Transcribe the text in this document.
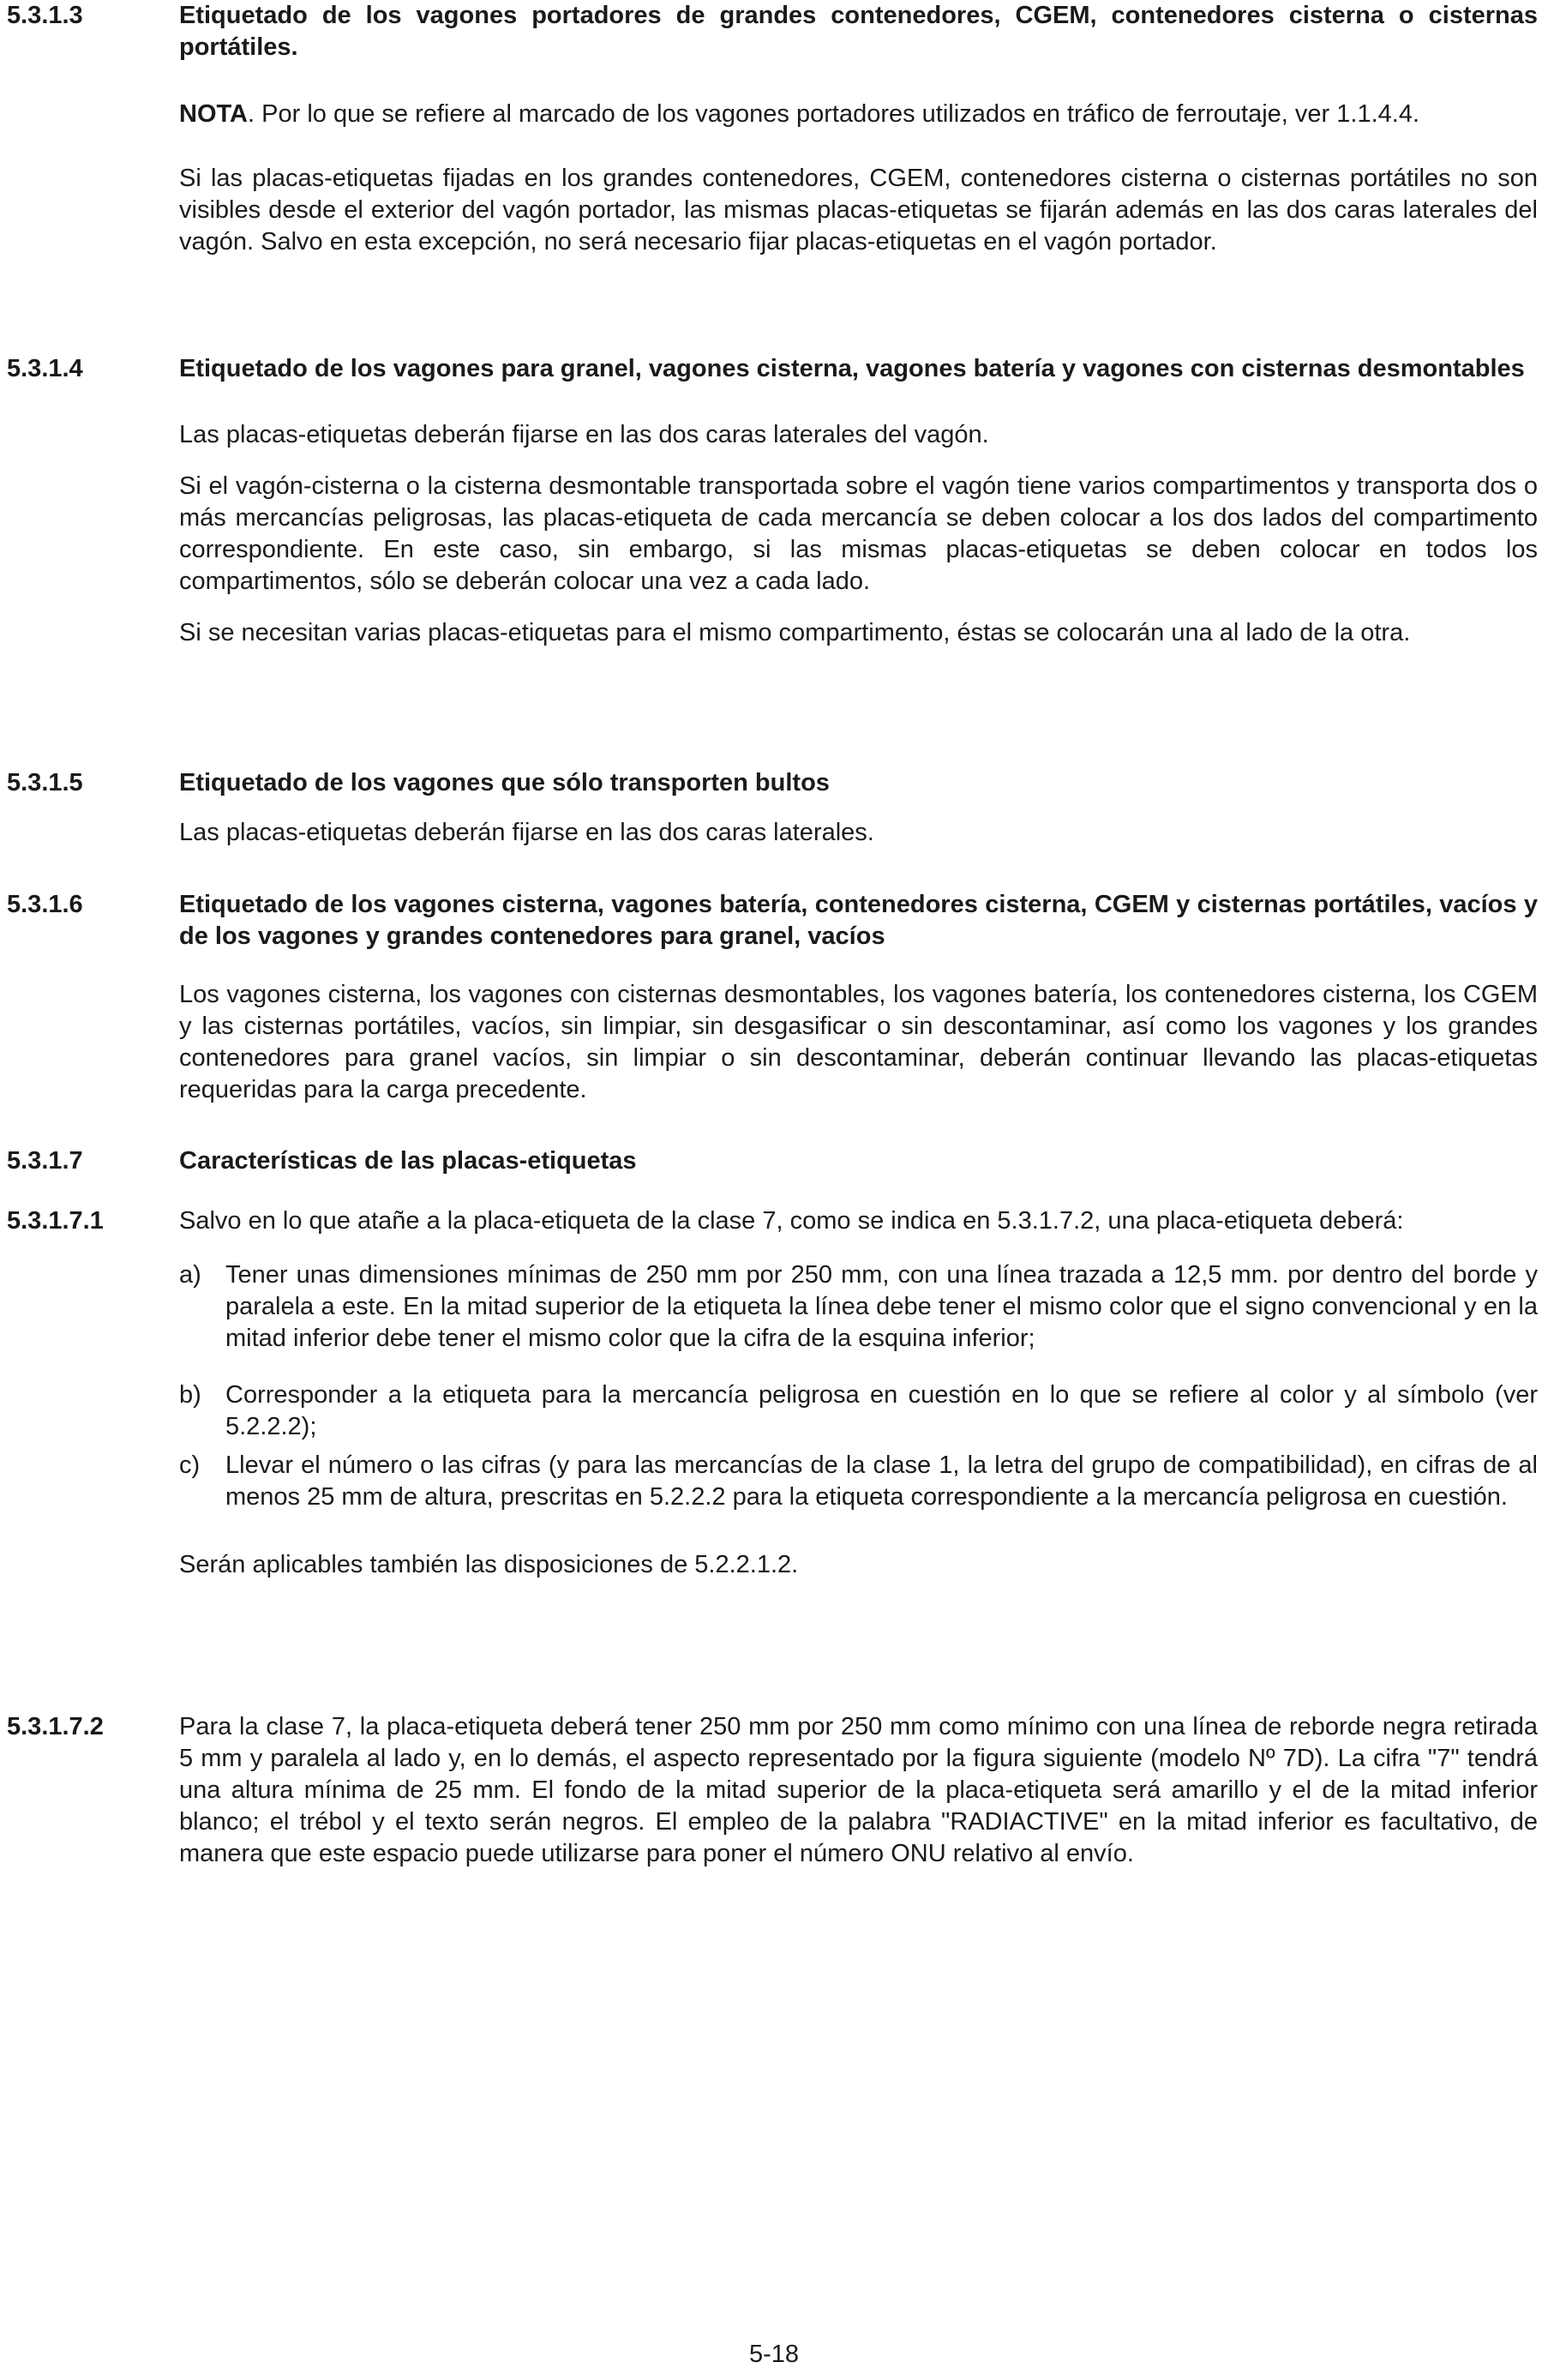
5.3.1.3	Etiquetado de los vagones portadores de grandes contenedores, CGEM, contenedores cisterna o cisternas portátiles.

NOTA. Por lo que se refiere al marcado de los vagones portadores utilizados en tráfico de ferroutaje, ver 1.1.4.4.

Si las placas-etiquetas fijadas en los grandes contenedores, CGEM, contenedores cisterna o cisternas portátiles no son visibles desde el exterior del vagón portador, las mismas placas-etiquetas se fijarán además en las dos caras laterales del vagón. Salvo en esta excepción, no será necesario fijar placas-etiquetas en el vagón portador.

5.3.1.4	Etiquetado de los vagones para granel, vagones cisterna, vagones batería y vagones con cisternas desmontables

Las placas-etiquetas deberán fijarse en las dos caras laterales del vagón.

Si el vagón-cisterna o la cisterna desmontable transportada sobre el vagón tiene varios compartimentos y transporta dos o más mercancías peligrosas, las placas-etiqueta de cada mercancía se deben colocar a los dos lados del compartimento correspondiente. En este caso, sin embargo, si las mismas placas-etiquetas se deben colocar en todos los compartimentos, sólo se deberán colocar una vez a cada lado.

Si se necesitan varias placas-etiquetas para el mismo compartimento, éstas se colocarán una al lado de la otra.

5.3.1.5	Etiquetado de los vagones que sólo transporten bultos

Las placas-etiquetas deberán fijarse en las dos caras laterales.

5.3.1.6	Etiquetado de los vagones cisterna, vagones batería, contenedores cisterna, CGEM y cisternas portátiles, vacíos y de los vagones y grandes contenedores para granel, vacíos

Los vagones cisterna, los vagones con cisternas desmontables, los vagones batería, los contenedores cisterna, los CGEM y las cisternas portátiles, vacíos, sin limpiar, sin desgasificar o sin descontaminar, así como los vagones y los grandes contenedores para granel vacíos, sin limpiar o sin descontaminar, deberán continuar llevando las placas-etiquetas requeridas para la carga precedente.

5.3.1.7	Características de las placas-etiquetas

5.3.1.7.1	Salvo en lo que atañe a la placa-etiqueta de la clase 7, como se indica en 5.3.1.7.2, una placa-etiqueta deberá:

a) Tener unas dimensiones mínimas de 250 mm por 250 mm, con una línea trazada a 12,5 mm. por dentro del borde y paralela a este. En la mitad superior de la etiqueta la línea debe tener el mismo color que el signo convencional y en la mitad inferior debe tener el mismo color que la cifra de la esquina inferior;
b) Corresponder a la etiqueta para la mercancía peligrosa en cuestión en lo que se refiere al color y al símbolo (ver 5.2.2.2);
c) Llevar el número o las cifras (y para las mercancías de la clase 1, la letra del grupo de compatibilidad), en cifras de al menos 25 mm de altura, prescritas en 5.2.2.2 para la etiqueta correspondiente a la mercancía peligrosa en cuestión.

Serán aplicables también las disposiciones de 5.2.2.1.2.

5.3.1.7.2	Para la clase 7, la placa-etiqueta deberá tener 250 mm por 250 mm como mínimo con una línea de reborde negra retirada 5 mm y paralela al lado y, en lo demás, el aspecto representado por la figura siguiente (modelo Nº 7D). La cifra "7" tendrá una altura mínima de 25 mm. El fondo de la mitad superior de la placa-etiqueta será amarillo y el de la mitad inferior blanco; el trébol y el texto serán negros. El empleo de la palabra "RADIACTIVE" en la mitad inferior es facultativo, de manera que este espacio puede utilizarse para poner el número ONU relativo al envío.

5-18
